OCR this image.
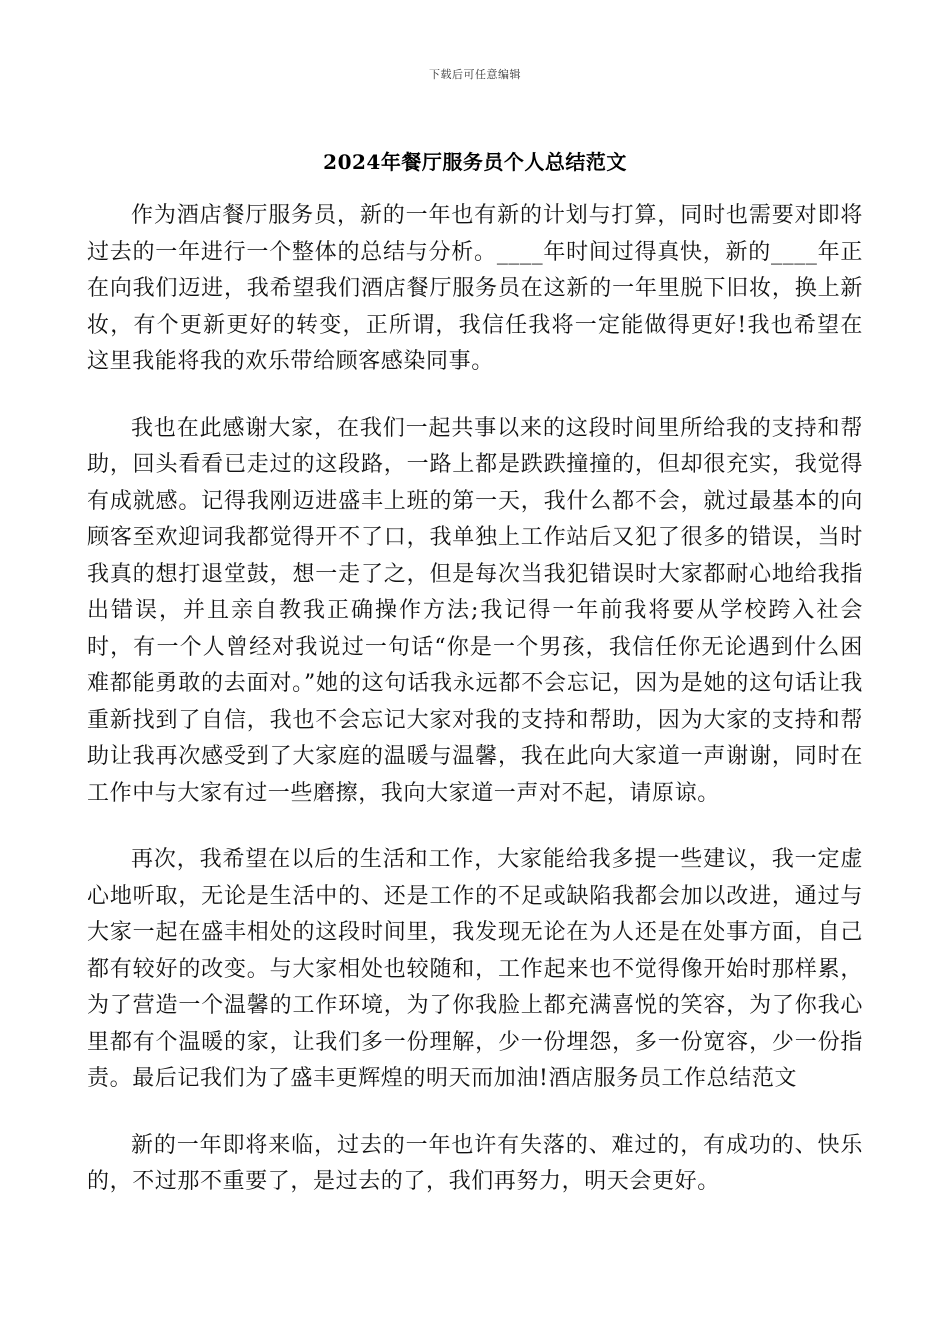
下载后可任意编辑
2024年餐厅服务员个人总结范文

作为酒店餐厅服务员，新的一年也有新的计划与打算，同时也需要对即将过去的一年进行一个整体的总结与分析。____年时间过得真快，新的____年正在向我们迈进，我希望我们酒店餐厅服务员在这新的一年里脱下旧妆，换上新妆，有个更新更好的转变，正所谓，我信任我将一定能做得更好!我也希望在这里我能将我的欢乐带给顾客感染同事。

我也在此感谢大家，在我们一起共事以来的这段时间里所给我的支持和帮助，回头看看已走过的这段路，一路上都是跌跌撞撞的，但却很充实，我觉得有成就感。记得我刚迈进盛丰上班的第一天，我什么都不会，就过最基本的向顾客至欢迎词我都觉得开不了口，我单独上工作站后又犯了很多的错误，当时我真的想打退堂鼓，想一走了之，但是每次当我犯错误时大家都耐心地给我指出错误，并且亲自教我正确操作方法;我记得一年前我将要从学校跨入社会时，有一个人曾经对我说过一句话“你是一个男孩，我信任你无论遇到什么困难都能勇敢的去面对。”她的这句话我永远都不会忘记，因为是她的这句话让我重新找到了自信，我也不会忘记大家对我的支持和帮助，因为大家的支持和帮助让我再次感受到了大家庭的温暖与温馨，我在此向大家道一声谢谢，同时在工作中与大家有过一些磨擦，我向大家道一声对不起，请原谅。

再次，我希望在以后的生活和工作，大家能给我多提一些建议，我一定虚心地听取，无论是生活中的、还是工作的不足或缺陷我都会加以改进，通过与大家一起在盛丰相处的这段时间里，我发现无论在为人还是在处事方面，自己都有较好的改变。与大家相处也较随和，工作起来也不觉得像开始时那样累，为了营造一个温馨的工作环境，为了你我脸上都充满喜悦的笑容，为了你我心里都有个温暖的家，让我们多一份理解，少一份埋怨，多一份宽容，少一份指责。最后记我们为了盛丰更辉煌的明天而加油!酒店服务员工作总结范文

新的一年即将来临，过去的一年也许有失落的、难过的，有成功的、快乐的，不过那不重要了，是过去的了，我们再努力，明天会更好。
